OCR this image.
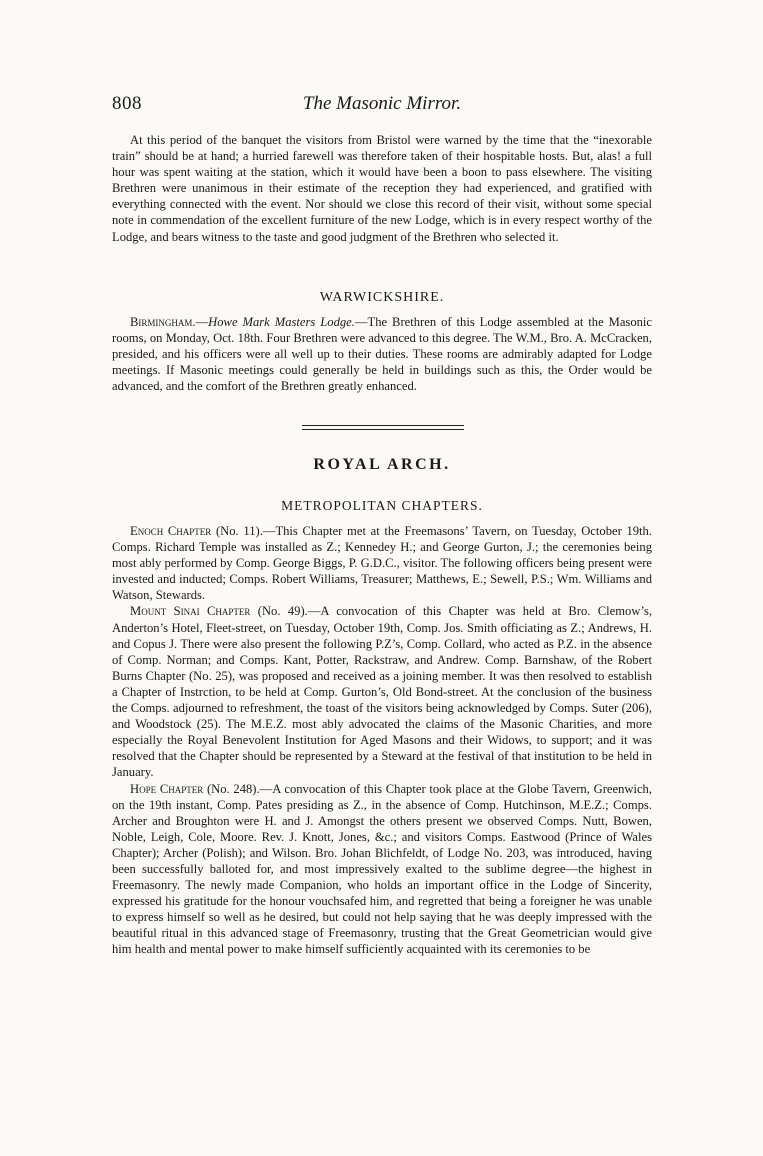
808	The Masonic Mirror.

At this period of the banquet the visitors from Bristol were warned by the time that the “inexorable train” should be at hand; a hurried farewell was therefore taken of their hospitable hosts. But, alas! a full hour was spent waiting at the station, which it would have been a boon to pass elsewhere. The visiting Brethren were unanimous in their estimate of the reception they had experienced, and gratified with everything connected with the event. Nor should we close this record of their visit, without some special note in commendation of the excellent furniture of the new Lodge, which is in every respect worthy of the Lodge, and bears witness to the taste and good judgment of the Brethren who selected it.

WARWICKSHIRE.

Birmingham.—Howe Mark Masters Lodge.—The Brethren of this Lodge assembled at the Masonic rooms, on Monday, Oct. 18th. Four Brethren were advanced to this degree. The W.M., Bro. A. McCracken, presided, and his officers were all well up to their duties. These rooms are admirably adapted for Lodge meetings. If Masonic meetings could generally be held in buildings such as this, the Order would be advanced, and the comfort of the Brethren greatly enhanced.

ROYAL ARCH.
METROPOLITAN CHAPTERS.

Enoch Chapter (No. 11).—This Chapter met at the Freemasons’ Tavern, on Tuesday, October 19th. Comps. Richard Temple was installed as Z.; Kennedey H.; and George Gurton, J.; the ceremonies being most ably performed by Comp. George Biggs, P. G.D.C., visitor. The following officers being present were invested and inducted; Comps. Robert Williams, Treasurer; Matthews, E.; Sewell, P.S.; Wm. Williams and Watson, Stewards.

Mount Sinai Chapter (No. 49).—A convocation of this Chapter was held at Bro. Clemow’s, Anderton’s Hotel, Fleet-street, on Tuesday, October 19th, Comp. Jos. Smith officiating as Z.; Andrews, H. and Copus J. There were also present the following P.Z’s, Comp. Collard, who acted as P.Z. in the absence of Comp. Norman; and Comps. Kant, Potter, Rackstraw, and Andrew. Comp. Barnshaw, of the Robert Burns Chapter (No. 25), was proposed and received as a joining member. It was then resolved to establish a Chapter of Instrction, to be held at Comp. Gurton’s, Old Bond-street. At the conclusion of the business the Comps. adjourned to refreshment, the toast of the visitors being acknowledged by Comps. Suter (206), and Woodstock (25). The M.E.Z. most ably advocated the claims of the Masonic Charities, and more especially the Royal Benevolent Institution for Aged Masons and their Widows, to support; and it was resolved that the Chapter should be represented by a Steward at the festival of that institution to be held in January.

Hope Chapter (No. 248).—A convocation of this Chapter took place at the Globe Tavern, Greenwich, on the 19th instant, Comp. Pates presiding as Z., in the absence of Comp. Hutchinson, M.E.Z.; Comps. Archer and Broughton were H. and J. Amongst the others present we observed Comps. Nutt, Bowen, Noble, Leigh, Cole, Moore. Rev. J. Knott, Jones, &c.; and visitors Comps. Eastwood (Prince of Wales Chapter); Archer (Polish); and Wilson. Bro. Johan Blichfeldt, of Lodge No. 203, was introduced, having been successfully balloted for, and most impressively exalted to the sublime degree—the highest in Freemasonry. The newly made Companion, who holds an important office in the Lodge of Sincerity, expressed his gratitude for the honour vouchsafed him, and regretted that being a foreigner he was unable to express himself so well as he desired, but could not help saying that he was deeply impressed with the beautiful ritual in this advanced stage of Freemasonry, trusting that the Great Geometrician would give him health and mental power to make himself sufficiently acquainted with its ceremonies to be
